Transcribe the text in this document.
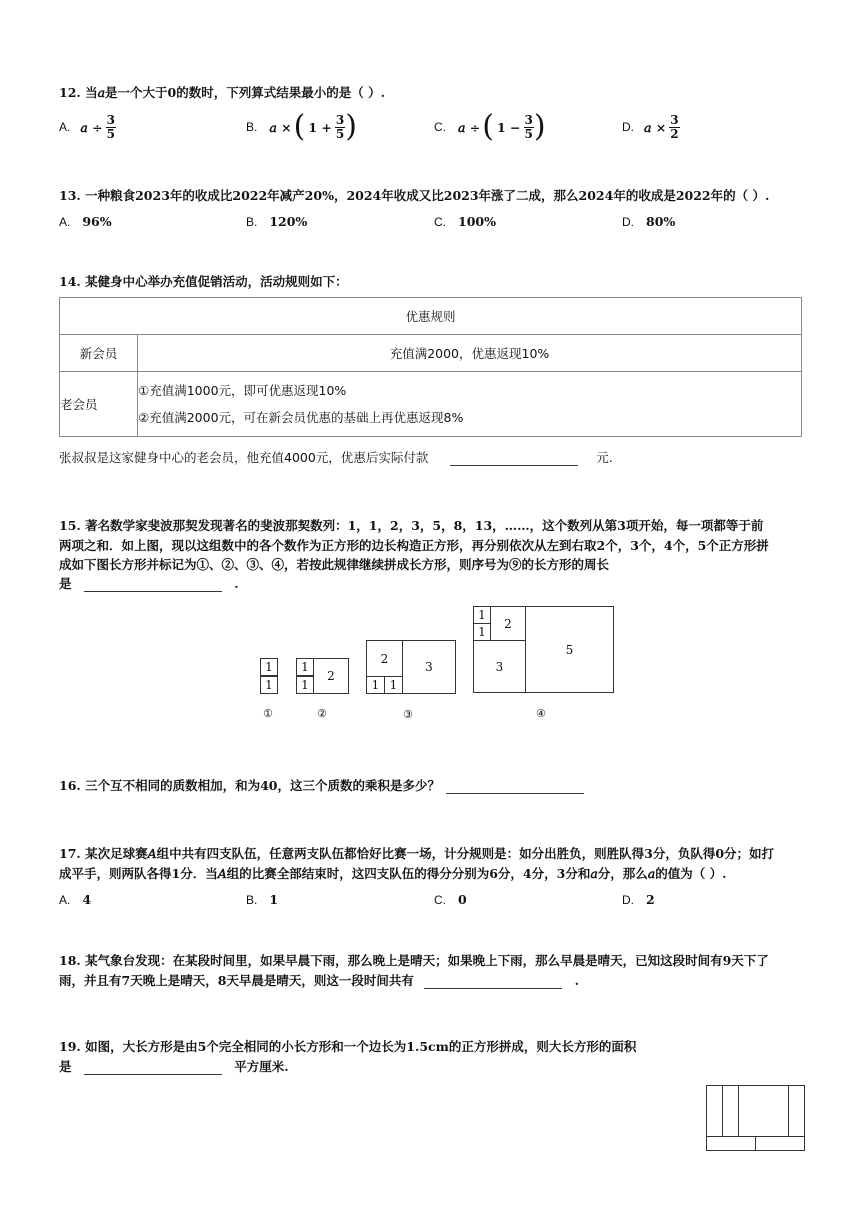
12. 当𝑎是一个大于0的数时，下列算式结果最小的是（ ）.
A. 𝑎 ÷ $\frac{3}{5}$	B. 𝑎 × ( $1 + \frac{3}{5}$ )	C. 𝑎 ÷ ( $1 - \frac{3}{5}$ )	D. 𝑎 × $\frac{3}{2}$
13. 一种粮食2023年的收成比2022年减产20%，2024年收成又比2023年涨了二成，那么2024年的收成是2022年的（ ）.
A. 96%	B. 120%	C. 100%	D. 80%
14. 某健身中心举办充值促销活动，活动规则如下：
优惠规则	
新会员	充值满2000，优惠返现10%
老会员	①充值满1000元，即可优惠返现10%
②充值满2000元，可在新会员优惠的基础上再优惠返现8%
张叔叔是这家健身中心的老会员，他充值4000元，优惠后实际付款	元.
15. 著名数学家斐波那契发现著名的斐波那契数列：1，1，2，3，5，8，13，……，这个数列从第3项开始，每一项都等于前
两项之和．如上图，现以这组数中的各个数作为正方形的边长构造正方形，再分别依次从左到右取2个，3个，4个，5个正方形拼
成如下图长方形并标记为①、②、③、④，若按此规律继续拼成长方形，则序号为⑨的长方形的周长
是	.
1
1
①
1
1
2
②
2
1 1
3
③
1
1
2
3
5
④
16. 三个互不相同的质数相加，和为40，这三个质数的乘积是多少？
17. 某次足球赛𝐴组中共有四支队伍，任意两支队伍都恰好比赛一场，计分规则是：如分出胜负，则胜队得3分，负队得0分；如打
成平手，则两队各得1分．当𝐴组的比赛全部结束时，这四支队伍的得分分别为6分，4分，3分和𝑎分，那么𝑎的值为（ ）.
A. 4	B. 1	C. 0	D. 2
18. 某气象台发现：在某段时间里，如果早晨下雨，那么晚上是晴天；如果晚上下雨，那么早晨是晴天，已知这段时间有9天下了
雨，并且有7天晚上是晴天，8天早晨是晴天，则这一段时间共有	.
19. 如图，大长方形是由5个完全相同的小长方形和一个边长为1.5cm的正方形拼成，则大长方形的面积
是	平方厘米.
